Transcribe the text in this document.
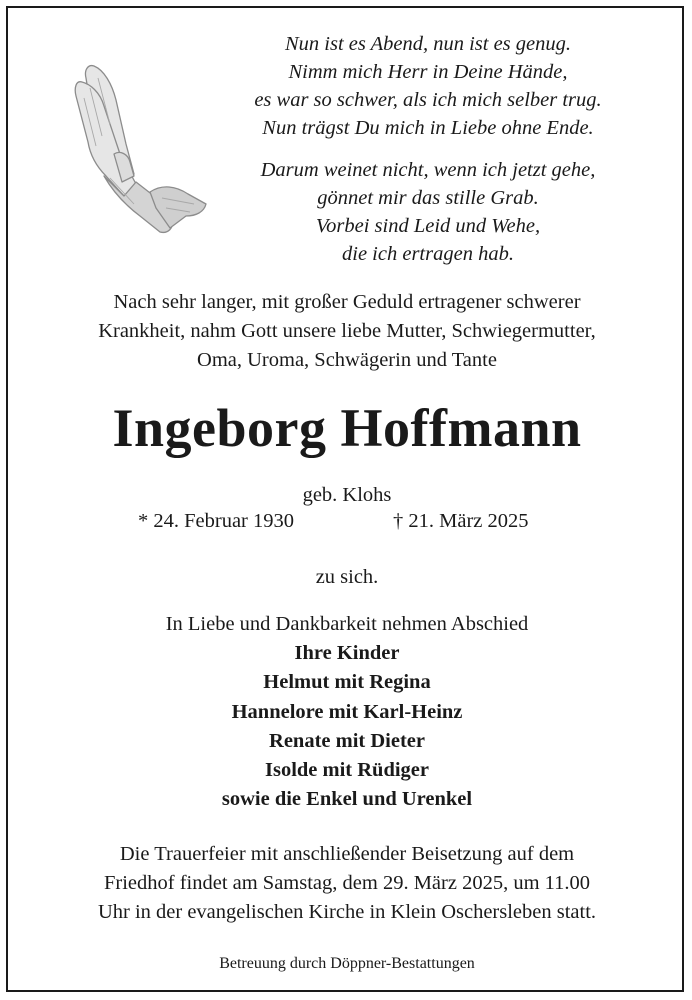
Nun ist es Abend, nun ist es genug.
Nimm mich Herr in Deine Hände,
es war so schwer, als ich mich selber trug.
Nun trägst Du mich in Liebe ohne Ende.
Darum weinet nicht, wenn ich jetzt gehe,
gönnet mir das stille Grab.
Vorbei sind Leid und Wehe,
die ich ertragen hab.
Nach sehr langer, mit großer Geduld ertragener schwerer
Krankheit, nahm Gott unsere liebe Mutter, Schwiegermutter,
Oma, Uroma, Schwägerin und Tante
Ingeborg Hoffmann
geb. Klohs
* 24. Februar 1930	† 21. März 2025
zu sich.
In Liebe und Dankbarkeit nehmen Abschied
Ihre Kinder
Helmut mit Regina
Hannelore mit Karl-Heinz
Renate mit Dieter
Isolde mit Rüdiger
sowie die Enkel und Urenkel
Die Trauerfeier mit anschließender Beisetzung auf dem
Friedhof findet am Samstag, dem 29. März 2025, um 11.00
Uhr in der evangelischen Kirche in Klein Oschersleben statt.
Betreuung durch Döppner-Bestattungen
